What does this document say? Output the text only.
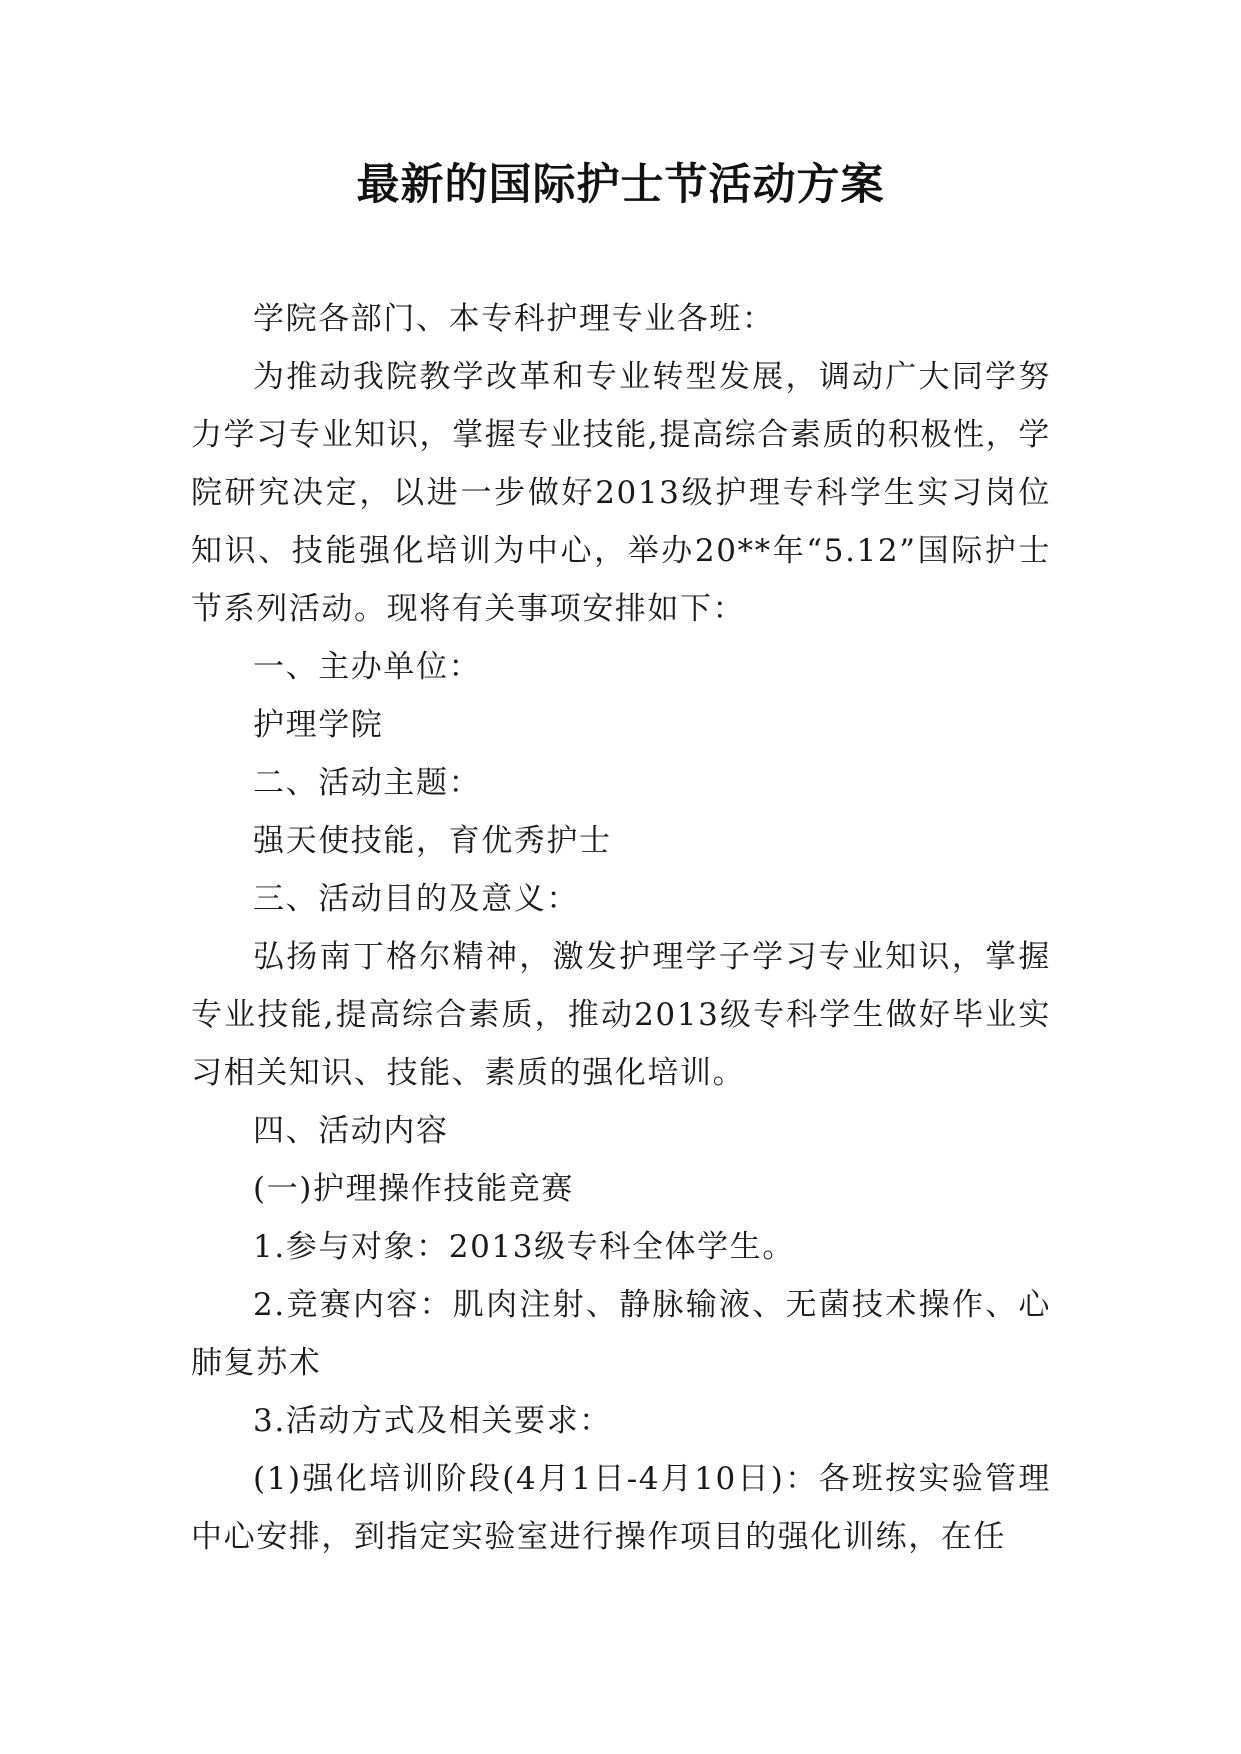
最新的国际护士节活动方案

学院各部门、本专科护理专业各班：

为推动我院教学改革和专业转型发展，调动广大同学努力学习专业知识，掌握专业技能,提高综合素质的积极性，学院研究决定，以进一步做好2013级护理专科学生实习岗位知识、技能强化培训为中心，举办20**年“5.12”国际护士节系列活动。现将有关事项安排如下：

一、主办单位：

护理学院

二、活动主题：

强天使技能，育优秀护士

三、活动目的及意义：

弘扬南丁格尔精神，激发护理学子学习专业知识，掌握专业技能,提高综合素质，推动2013级专科学生做好毕业实习相关知识、技能、素质的强化培训。

四、活动内容

(一)护理操作技能竞赛

1.参与对象：2013级专科全体学生。

2.竞赛内容：肌肉注射、静脉输液、无菌技术操作、心肺复苏术

3.活动方式及相关要求：

(1)强化培训阶段(4月1日-4月10日)：各班按实验管理中心安排，到指定实验室进行操作项目的强化训练，在任
